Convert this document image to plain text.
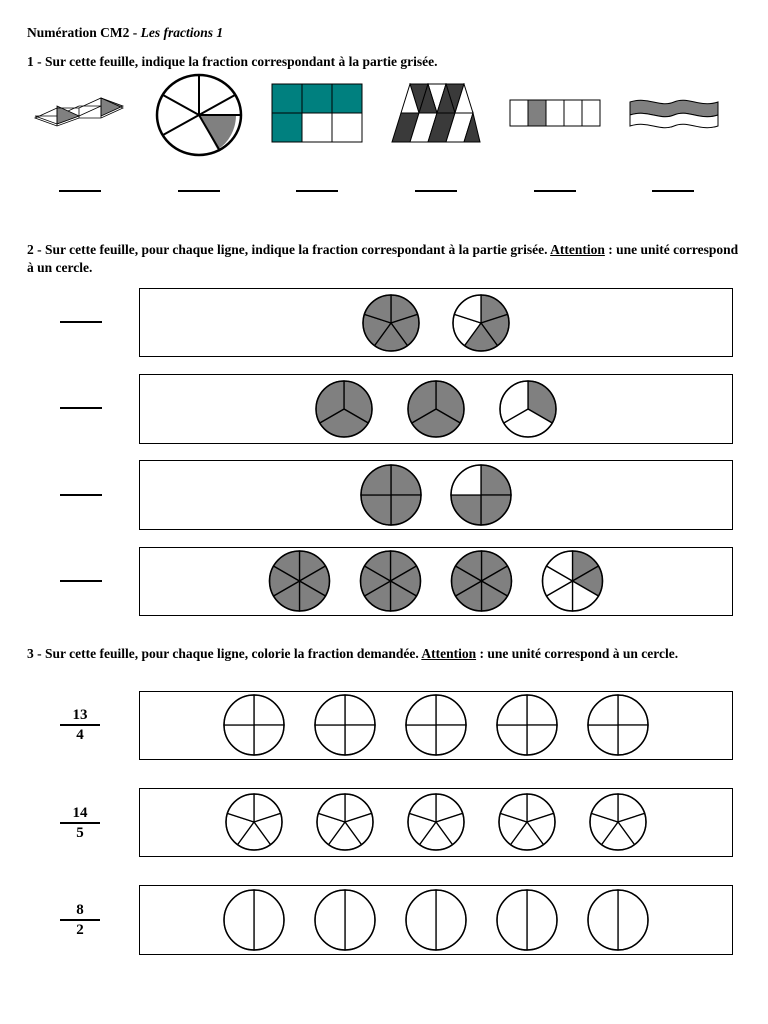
Numération CM2 - Les fractions 1
1 - Sur cette feuille, indique la fraction correspondant à la partie grisée.
2 - Sur cette feuille, pour chaque ligne, indique la fraction correspondant à la partie grisée. Attention : une unité correspond à un cercle.
3 - Sur cette feuille, pour chaque ligne, colorie la fraction demandée. Attention : une unité correspond à un cercle.
13
4
14
5
8
2
